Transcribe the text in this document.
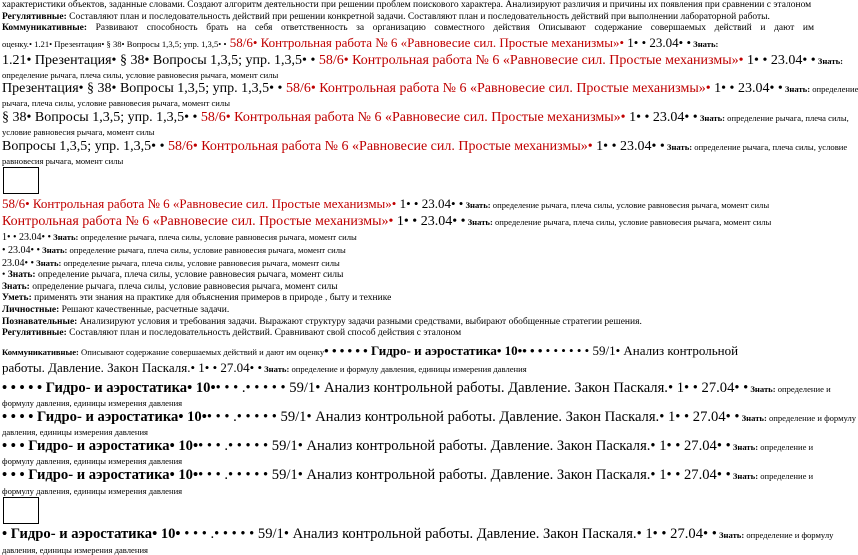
характеристики объектов, заданные словами. Создают алгоритм деятельности при решении проблем поискового характера. Анализируют различия и причины их появления при сравнении с эталоном
Регулятивные: Составляют план и последовательность действий при решении конкретной задачи. Составляют план и последовательность действий при выполнении лабораторной работы.
Коммуникативные: Развивают способность брать на себя ответственность за организацию совместного действия Описывают содержание совершаемых действий и дают им
оценку.• 1.21• Презентация• § 38• Вопросы 1,3,5; упр. 1,3,5• • 58/6• Контрольная работа № 6 «Равновесие сил. Простые механизмы»• 1• • 23.04• • Знать:
1.21• Презентация• § 38• Вопросы 1,3,5; упр. 1,3,5• • 58/6• Контрольная работа № 6 «Равновесие сил. Простые механизмы»• 1• • 23.04• • Знать:
определение рычага, плеча силы, условие равновесия рычага, момент силы
Презентация• § 38• Вопросы 1,3,5; упр. 1,3,5• • 58/6• Контрольная работа № 6 «Равновесие сил. Простые механизмы»• 1• • 23.04• • Знать: определение
рычага, плеча силы, условие равновесия рычага, момент силы
§ 38• Вопросы 1,3,5; упр. 1,3,5• • 58/6• Контрольная работа № 6 «Равновесие сил. Простые механизмы»• 1• • 23.04• • Знать: определение рычага, плеча силы,
условие равновесия рычага, момент силы
Вопросы 1,3,5; упр. 1,3,5• • 58/6• Контрольная работа № 6 «Равновесие сил. Простые механизмы»• 1• • 23.04• • Знать: определение рычага, плеча силы, условие
равновесия рычага, момент силы
58/6• Контрольная работа № 6 «Равновесие сил. Простые механизмы»• 1• • 23.04• • Знать: определение рычага, плеча силы, условие равновесия рычага, момент силы
Контрольная работа № 6 «Равновесие сил. Простые механизмы»• 1• • 23.04• • Знать: определение рычага, плеча силы, условие равновесия рычага, момент силы
1• • 23.04• • Знать: определение рычага, плеча силы, условие равновесия рычага, момент силы
• 23.04• • Знать: определение рычага, плеча силы, условие равновесия рычага, момент силы
23.04• • Знать: определение рычага, плеча силы, условие равновесия рычага, момент силы
• Знать: определение рычага, плеча силы, условие равновесия рычага, момент силы
Знать: определение рычага, плеча силы, условие равновесия рычага, момент силы
Уметь: применять эти знания на практике для объяснения примеров в природе , быту и технике
Личностные: Решают качественные, расчетные задачи.
Познавательные: Анализируют условия и требования задачи. Выражают структуру задачи разными средствами, выбирают обобщенные стратегии решения.
Регулятивные: Составляют план и последовательность действий. Сравнивают свой способ действия с эталоном
Коммуникативные: Описывают содержание совершаемых действий и дают им оценку• • • • • • Гидро- и аэростатика• 10•• • • • • • • • • 59/1• Анализ контрольной
работы. Давление. Закон Паскаля.• 1• • 27.04• • Знать: определение и формулу давления, единицы измерения давления
• • • • • Гидро- и аэростатика• 10•• • • .• • • • • 59/1• Анализ контрольной работы. Давление. Закон Паскаля.• 1• • 27.04• • Знать: определение и
формулу давления, единицы измерения давления
• • • • Гидро- и аэростатика• 10•• • • .• • • • • 59/1• Анализ контрольной работы. Давление. Закон Паскаля.• 1• • 27.04• • Знать: определение и формулу
давления, единицы измерения давления
• • • Гидро- и аэростатика• 10•• • • .• • • • • 59/1• Анализ контрольной работы. Давление. Закон Паскаля.• 1• • 27.04• • Знать: определение и
формулу давления, единицы измерения давления
• • • Гидро- и аэростатика• 10•• • • .• • • • • 59/1• Анализ контрольной работы. Давление. Закон Паскаля.• 1• • 27.04• • Знать: определение и
формулу давления, единицы измерения давления
• Гидро- и аэростатика• 10• • • • .• • • • • 59/1• Анализ контрольной работы. Давление. Закон Паскаля.• 1• • 27.04• • Знать: определение и формулу
давления, единицы измерения давления
